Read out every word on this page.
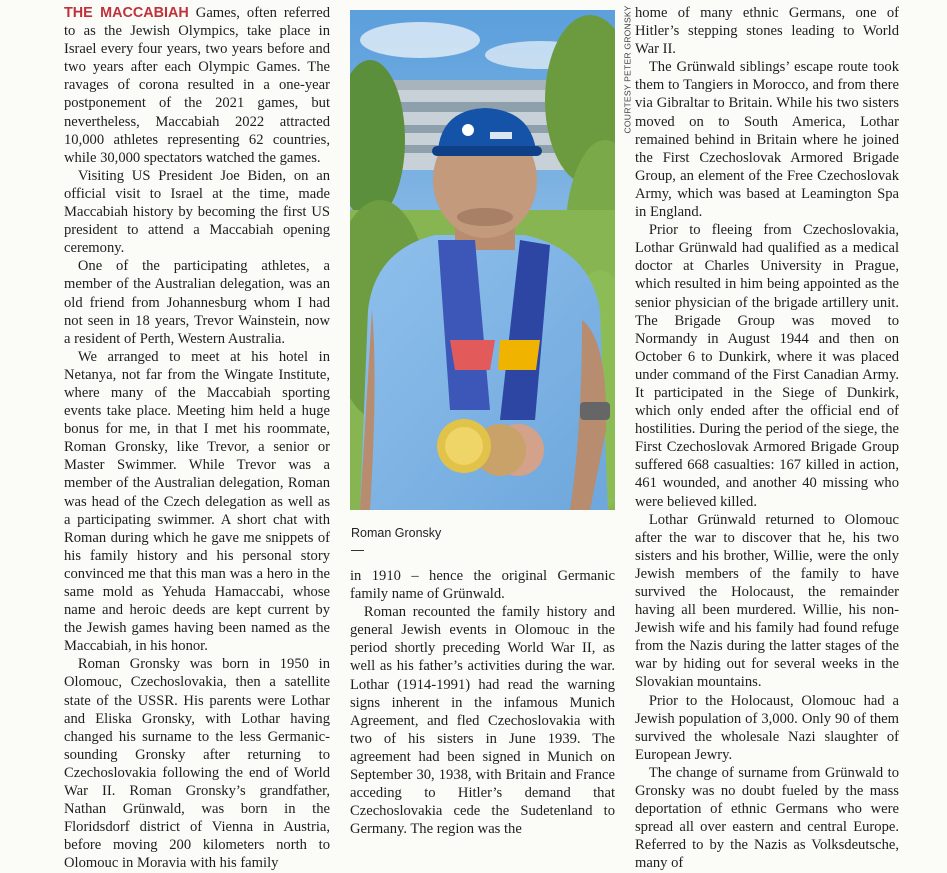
THE MACCABIAH Games, often referred to as the Jewish Olympics, take place in Israel every four years, two years before and two years after each Olympic Games. The ravages of corona resulted in a one-year postponement of the 2021 games, but nevertheless, Maccabiah 2022 attracted 10,000 athletes representing 62 countries, while 30,000 spectators watched the games.

Visiting US President Joe Biden, on an official visit to Israel at the time, made Maccabiah history by becoming the first US president to attend a Maccabiah opening ceremony.

One of the participating athletes, a member of the Australian delegation, was an old friend from Johannesburg whom I had not seen in 18 years, Trevor Wainstein, now a resident of Perth, Western Australia.

We arranged to meet at his hotel in Netanya, not far from the Wingate Institute, where many of the Maccabiah sporting events take place. Meeting him held a huge bonus for me, in that I met his roommate, Roman Gronsky, like Trevor, a senior or Master Swimmer. While Trevor was a member of the Australian delegation, Roman was head of the Czech delegation as well as a participating swimmer. A short chat with Roman during which he gave me snippets of his family history and his personal story convinced me that this man was a hero in the same mold as Yehuda Hamaccabi, whose name and heroic deeds are kept current by the Jewish games having been named as the Maccabiah, in his honor.

Roman Gronsky was born in 1950 in Olomouc, Czechoslovakia, then a satellite state of the USSR. His parents were Lothar and Eliska Gronsky, with Lothar having changed his surname to the less Germanic-sounding Gronsky after returning to Czechoslovakia following the end of World War II. Roman Gronsky’s grandfather, Nathan Grünwald, was born in the Floridsdorf district of Vienna in Austria, before moving 200 kilometers north to Olomouc in Moravia with his family

COURTESY PETER GRONSKY
Roman Gronsky

in 1910 – hence the original Germanic family name of Grünwald.

Roman recounted the family history and general Jewish events in Olomouc in the period shortly preceding World War II, as well as his father’s activities during the war. Lothar (1914-1991) had read the warning signs inherent in the infamous Munich Agreement, and fled Czechoslovakia with two of his sisters in June 1939. The agreement had been signed in Munich on September 30, 1938, with Britain and France acceding to Hitler’s demand that Czechoslovakia cede the Sudetenland to Germany. The region was the

home of many ethnic Germans, one of Hitler’s stepping stones leading to World War II.

The Grünwald siblings’ escape route took them to Tangiers in Morocco, and from there via Gibraltar to Britain. While his two sisters moved on to South America, Lothar remained behind in Britain where he joined the First Czechoslovak Armored Brigade Group, an element of the Free Czechoslovak Army, which was based at Leamington Spa in England.

Prior to fleeing from Czechoslovakia, Lothar Grünwald had qualified as a medical doctor at Charles University in Prague, which resulted in him being appointed as the senior physician of the brigade artillery unit. The Brigade Group was moved to Normandy in August 1944 and then on October 6 to Dunkirk, where it was placed under command of the First Canadian Army. It participated in the Siege of Dunkirk, which only ended after the official end of hostilities. During the period of the siege, the First Czechoslovak Armored Brigade Group suffered 668 casualties: 167 killed in action, 461 wounded, and another 40 missing who were believed killed.

Lothar Grünwald returned to Olomouc after the war to discover that he, his two sisters and his brother, Willie, were the only Jewish members of the family to have survived the Holocaust, the remainder having all been murdered. Willie, his non-Jewish wife and his family had found refuge from the Nazis during the latter stages of the war by hiding out for several weeks in the Slovakian mountains.

Prior to the Holocaust, Olomouc had a Jewish population of 3,000. Only 90 of them survived the wholesale Nazi slaughter of European Jewry.

The change of surname from Grünwald to Gronsky was no doubt fueled by the mass deportation of ethnic Germans who were spread all over eastern and central Europe. Referred to by the Nazis as Volksdeutsche, many of
